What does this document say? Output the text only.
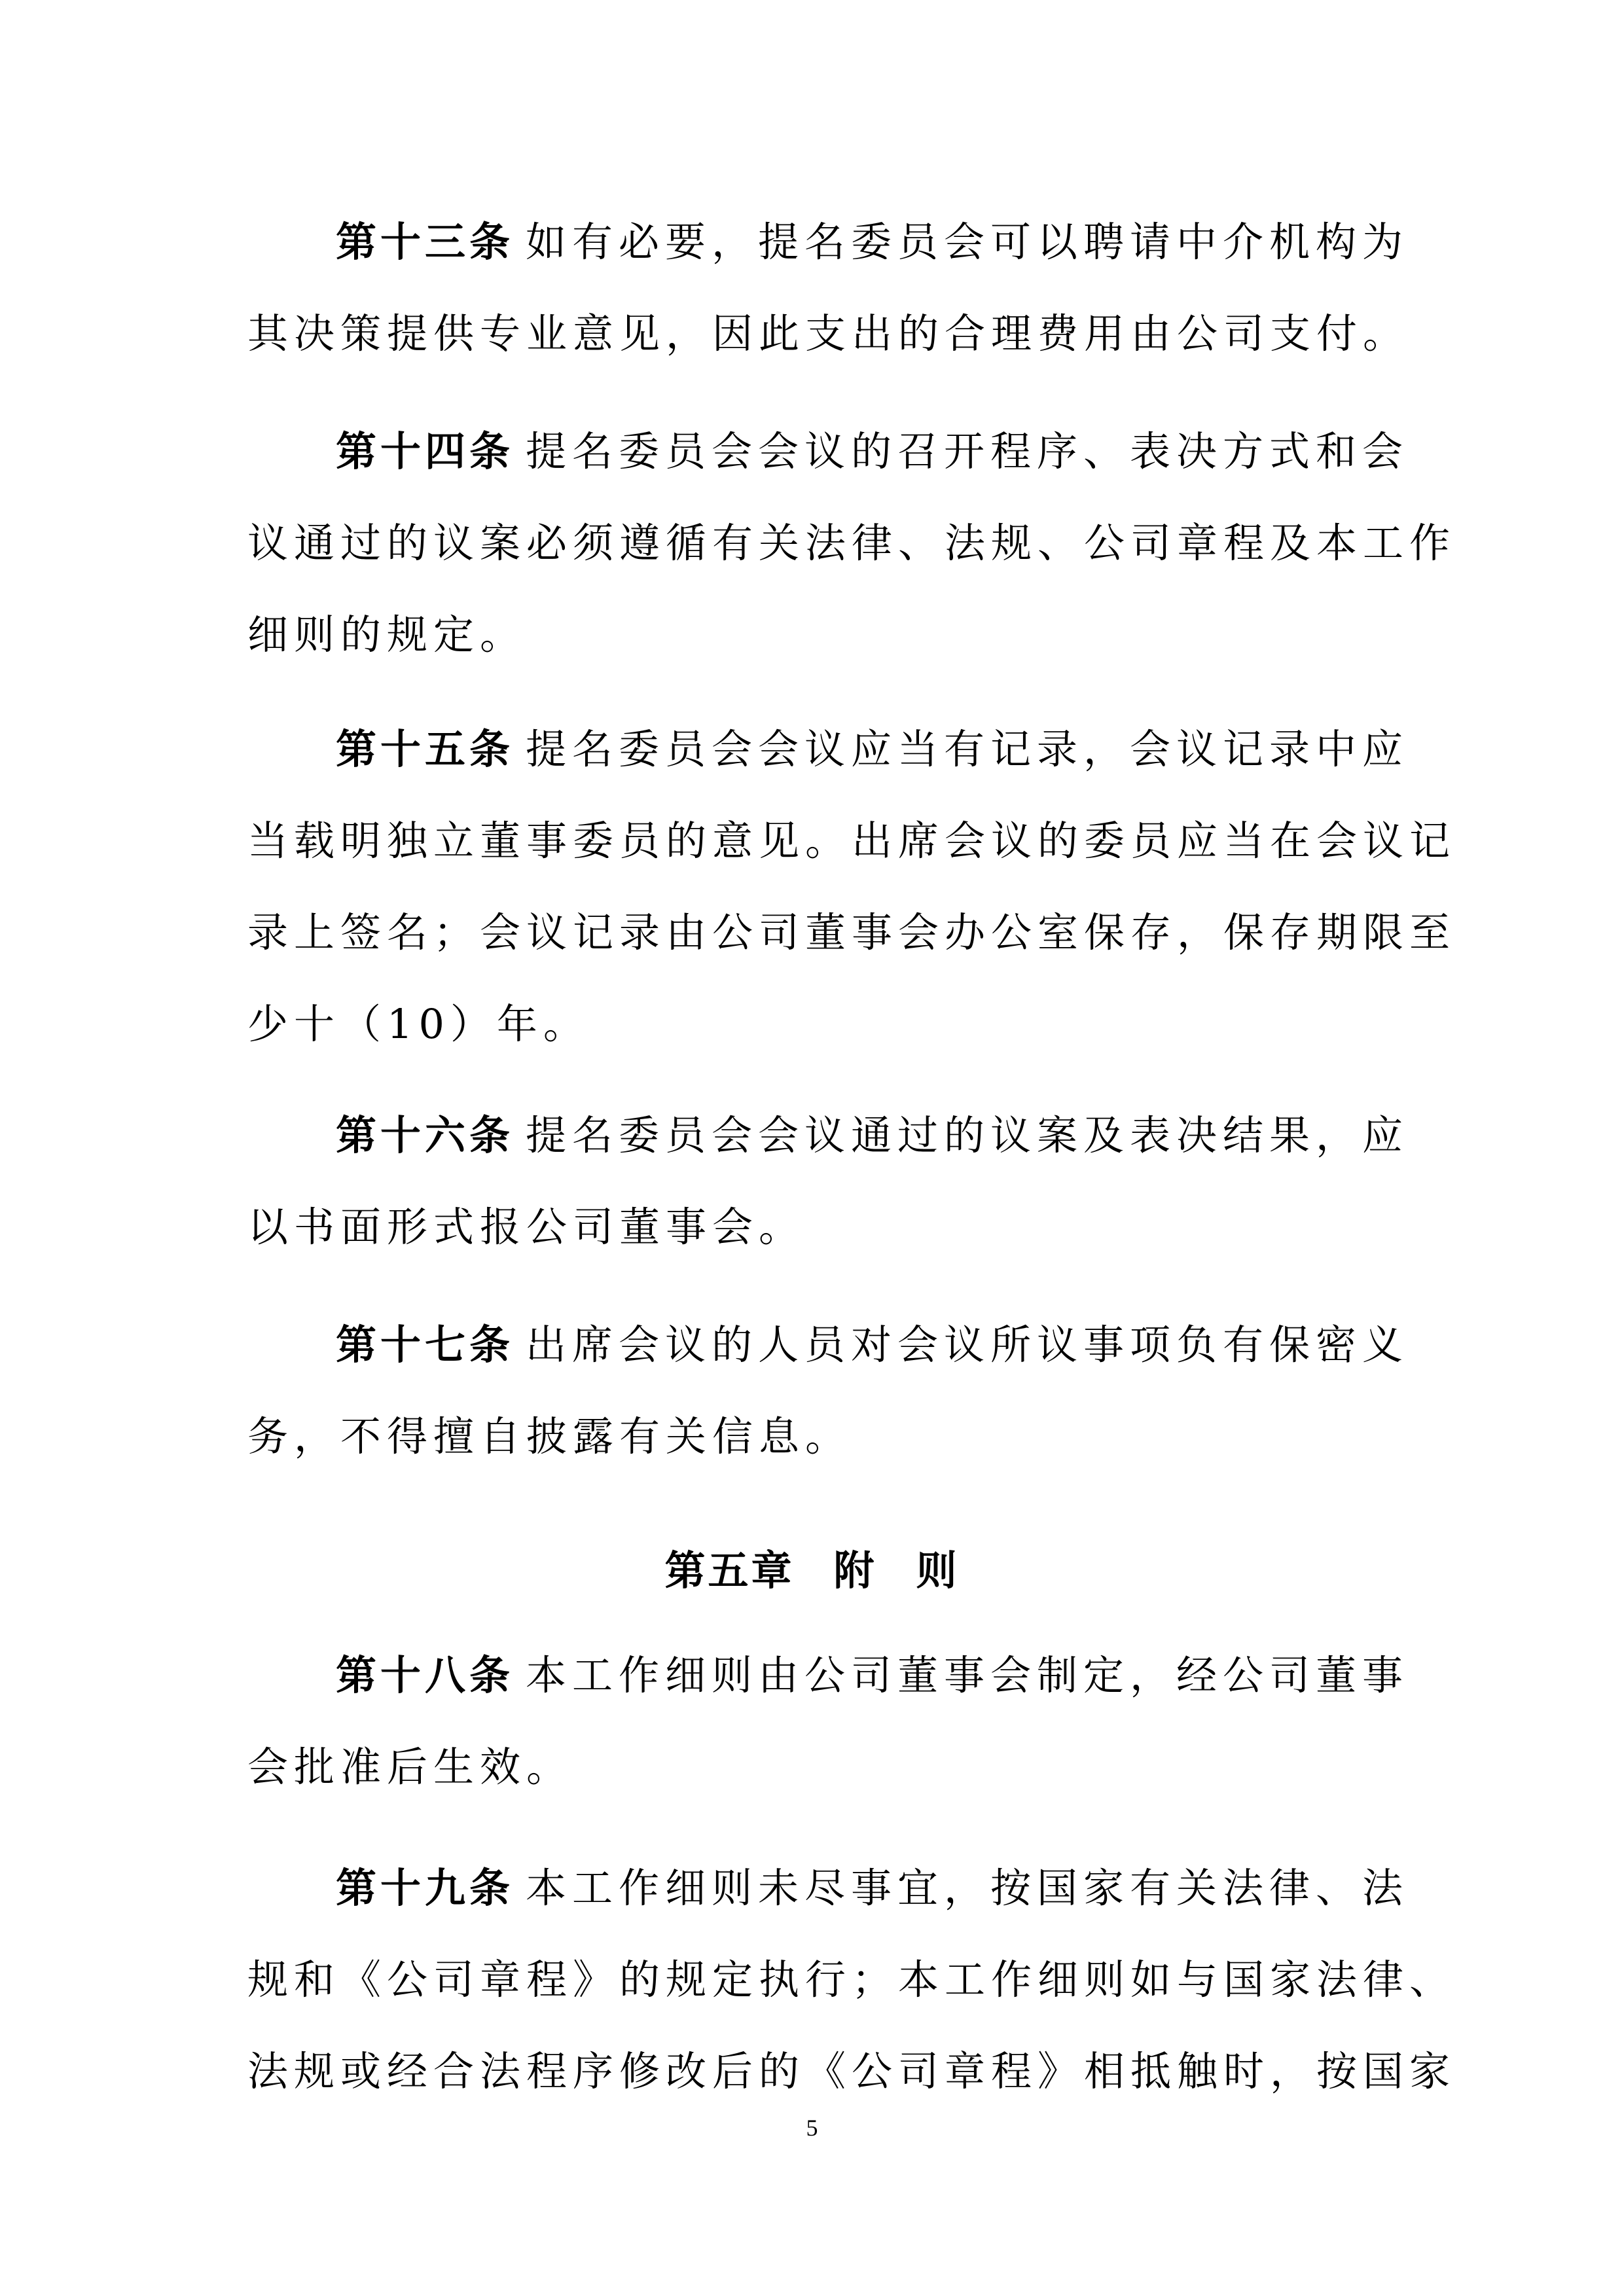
第十三条 如有必要，提名委员会可以聘请中介机构为
其决策提供专业意见，因此支出的合理费用由公司支付。
第十四条 提名委员会会议的召开程序、表决方式和会
议通过的议案必须遵循有关法律、法规、公司章程及本工作
细则的规定。
第十五条 提名委员会会议应当有记录，会议记录中应
当载明独立董事委员的意见。出席会议的委员应当在会议记
录上签名；会议记录由公司董事会办公室保存，保存期限至
少十（10）年。
第十六条 提名委员会会议通过的议案及表决结果，应
以书面形式报公司董事会。
第十七条 出席会议的人员对会议所议事项负有保密义
务，不得擅自披露有关信息。
第五章 附 则
第十八条 本工作细则由公司董事会制定，经公司董事
会批准后生效。
第十九条 本工作细则未尽事宜，按国家有关法律、法
规和《公司章程》的规定执行；本工作细则如与国家法律、
法规或经合法程序修改后的《公司章程》相抵触时，按国家
5
